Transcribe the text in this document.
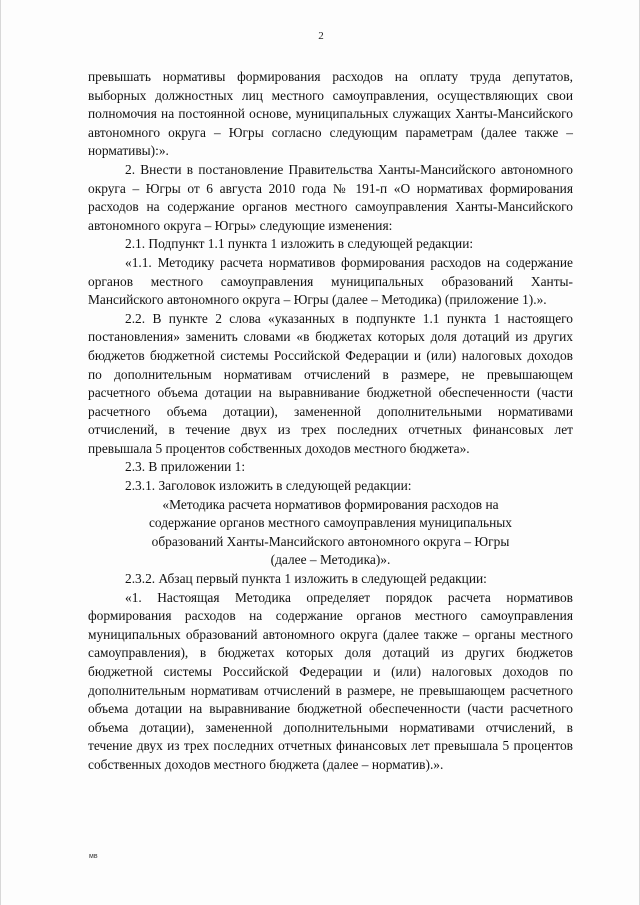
2

превышать нормативы формирования расходов на оплату труда депутатов, выборных должностных лиц местного самоуправления, осуществляющих свои полномочия на постоянной основе, муниципальных служащих Ханты-Мансийского автономного округа – Югры согласно следующим параметрам (далее также – нормативы):».

2. Внести в постановление Правительства Ханты-Мансийского автономного округа – Югры от 6 августа 2010 года № 191-п «О нормативах формирования расходов на содержание органов местного самоуправления Ханты-Мансийского автономного округа – Югры» следующие изменения:

2.1. Подпункт 1.1 пункта 1 изложить в следующей редакции:

«1.1. Методику расчета нормативов формирования расходов на содержание органов местного самоуправления муниципальных образований Ханты-Мансийского автономного округа – Югры (далее – Методика) (приложение 1).».

2.2. В пункте 2 слова «указанных в подпункте 1.1 пункта 1 настоящего постановления» заменить словами «в бюджетах которых доля дотаций из других бюджетов бюджетной системы Российской Федерации и (или) налоговых доходов по дополнительным нормативам отчислений в размере, не превышающем расчетного объема дотации на выравнивание бюджетной обеспеченности (части расчетного объема дотации), замененной дополнительными нормативами отчислений, в течение двух из трех последних отчетных финансовых лет превышала 5 процентов собственных доходов местного бюджета».

2.3. В приложении 1:

2.3.1. Заголовок изложить в следующей редакции:

«Методика расчета нормативов формирования расходов на

содержание органов местного самоуправления муниципальных

образований Ханты-Мансийского автономного округа – Югры

(далее – Методика)».

2.3.2. Абзац первый пункта 1 изложить в следующей редакции:

«1. Настоящая Методика определяет порядок расчета нормативов формирования расходов на содержание органов местного самоуправления муниципальных образований автономного округа (далее также – органы местного самоуправления), в бюджетах которых доля дотаций из других бюджетов бюджетной системы Российской Федерации и (или) налоговых доходов по дополнительным нормативам отчислений в размере, не превышающем расчетного объема дотации на выравнивание бюджетной обеспеченности (части расчетного объема дотации), замененной дополнительными нормативами отчислений, в течение двух из трех последних отчетных финансовых лет превышала 5 процентов собственных доходов местного бюджета (далее – норматив).».

мв
